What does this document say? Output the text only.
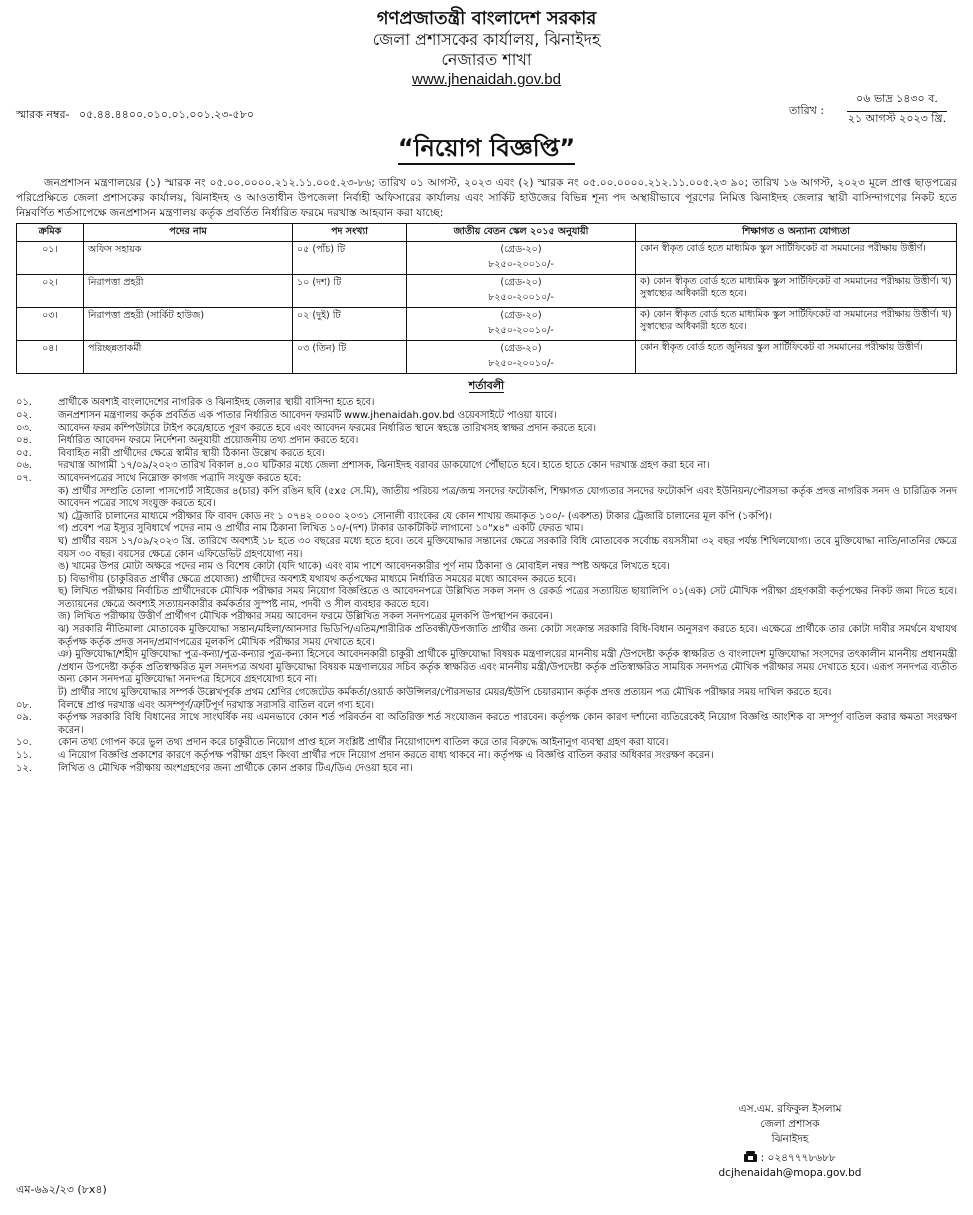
গণপ্রজাতন্ত্রী বাংলাদেশ সরকার
জেলা প্রশাসকের কার্যালয়, ঝিনাইদহ
নেজারত শাখা
www.jhenaidah.gov.bd
স্মারক নম্বর- ০৫.৪৪.৪৪০০.০১০.০১.০০১.২৩-৫৮০	তারিখ :
০৬ ভাদ্র ১৪৩০ ব.
২১ আগস্ট ২০২৩ খ্রি.
“নিয়োগ বিজ্ঞপ্তি”
জনপ্রশাসন মন্ত্রণালয়ের (১) স্মারক নং ০৫.০০.০০০০.২১২.১১.০০৫.২৩-৮৬; তারিখ ০১ আগস্ট, ২০২৩ এবং (২) স্মারক নং ০৫.০০.০০০০.২১২.১১.০০৫.২৩ ৯০; তারিখ ১৬ আগস্ট, ২০২৩ মূলে প্রাপ্ত ছাড়পত্রের পরিপ্রেক্ষিতে জেলা প্রশাসকের কার্যালয়, ঝিনাইদহ ও আওতাধীন উপজেলা নির্বাহী অফিসারের কার্যালয় এবং সার্কিট হাউজের বিভিন্ন শূন্য পদ অস্থায়ীভাবে পূরণের নিমিত্ত ঝিনাইদহ জেলার স্থায়ী বাসিন্দাগণের নিকট হতে নিম্নবর্ণিত শর্তসাপেক্ষে জনপ্রশাসন মন্ত্রণালয় কর্তৃক প্রবর্তিত নির্ধারিত ফরমে দরখাস্ত আহবান করা যাচ্ছে:
ক্রমিক	পদের নাম	পদ সংখ্যা	জাতীয় বেতন স্কেল ২০১৫ অনুযায়ী	শিক্ষাগত ও অন্যান্য যোগ্যতা
০১।	অফিস সহায়ক	০৫ (পাঁচ) টি	(গ্রেড-২০)
৮২৫০-২০০১০/-	কোন স্বীকৃত বোর্ড হতে মাধ্যমিক স্কুল সার্টিফিকেট বা সমমানের পরীক্ষায় উত্তীর্ণ।
০২।	নিরাপত্তা প্রহরী	১০ (দশ) টি	(গ্রেড-২০)
৮২৫০-২০০১০/-	ক) কোন স্বীকৃত বোর্ড হতে মাধ্যমিক স্কুল সার্টিফিকেট বা সমমানের পরীক্ষায় উত্তীর্ণ। খ) সুস্বাস্থ্যের অধিকারী হতে হবে।
০৩।	নিরাপত্তা প্রহরী (সার্কিট হাউজ)	০২ (দুই) টি	(গ্রেড-২০)
৮২৫০-২০০১০/-	ক) কোন স্বীকৃত বোর্ড হতে মাধ্যমিক স্কুল সার্টিফিকেট বা সমমানের পরীক্ষায় উত্তীর্ণ। খ) সুস্বাস্থ্যের অধিকারী হতে হবে।
০৪।	পরিচ্ছন্নতাকর্মী	০৩ (তিন) টি	(গ্রেড-২০)
৮২৫০-২০০১০/-	কোন স্বীকৃত বোর্ড হতে জুনিয়র স্কুল সার্টিফিকেট বা সমমানের পরীক্ষায় উত্তীর্ণ।
শর্তাবলী
০১.	প্রার্থীকে অবশ্যই বাংলাদেশের নাগরিক ও ঝিনাইদহ জেলার স্থায়ী বাসিন্দা হতে হবে।
০২.	জনপ্রশাসন মন্ত্রণালয় কর্তৃক প্রবর্তিত এক পাতার নির্ধারিত আবেদন ফরমটি www.jhenaidah.gov.bd ওয়েবসাইটে পাওয়া যাবে।
০৩.	আবেদন ফরম কম্পিউটারে টাইপ করে/হাতে পূরণ করতে হবে এবং আবেদন ফরমের নির্ধারিত স্থানে স্বহস্তে তারিখসহ স্বাক্ষর প্রদান করতে হবে।
০৪.	নির্ধারিত আবেদন ফরমে নির্দেশনা অনুযায়ী প্রয়োজনীয় তথ্য প্রদান করতে হবে।
০৫.	বিবাহিত নারী প্রার্থীদের ক্ষেত্রে স্বামীর স্থায়ী ঠিকানা উল্লেখ করতে হবে।
০৬.	দরখাস্ত আগামী ১৭/০৯/২০২৩ তারিখ বিকাল ৪.০০ ঘটিকার মধ্যে জেলা প্রশাসক, ঝিনাইদহ বরাবর ডাকযোগে পৌঁছাতে হবে। হাতে হাতে কোন দরখাস্ত গ্রহণ করা হবে না।
০৭.	আবেদনপত্রের সাথে নিম্নোক্ত কাগজ পত্রাদি সংযুক্ত করতে হবে:
ক) প্রার্থীর সম্প্রতি তোলা পাসপোর্ট সাইজের ৪(চার) কপি রঙিন ছবি (৫x৫ সে.মি), জাতীয় পরিচয় পত্র/জন্ম সনদের ফটোকপি, শিক্ষাগত যোগ্যতার সনদের ফটোকপি এবং ইউনিয়ন/পৌরসভা কর্তৃক প্রদত্ত নাগরিক সনদ ও চারিত্রিক সনদ আবেদন পত্রের সাথে সংযুক্ত করতে হবে।
খ) ট্রেজারি চালানের মাধ্যমে পরীক্ষার ফি বাবদ কোড নং ১ ০৭৪২ ০০০০ ২০৩১ সোনালী ব্যাংকের যে কোন শাখায় জমাকৃত ১০০/- (একশত) টাকার ট্রেজারি চালানের মূল কপি (১কপি)।
গ) প্রবেশ পত্র ইস্যুর সুবিধার্থে পদের নাম ও প্রার্থীর নাম ঠিকানা লিখিত ১০/-(দশ) টাকার ডাকটিকিট লাগানো ১০"x৪" একটি ফেরত খাম।
ঘ) প্রার্থীর বয়স ১৭/০৯/২০২৩ খ্রি. তারিখে অবশ্যই ১৮ হতে ৩০ বছরের মধ্যে হতে হবে। তবে মুক্তিযোদ্ধার সন্তানের ক্ষেত্রে সরকারি বিধি মোতাবেক সর্বোচ্চ বয়সসীমা ৩২ বছর পর্যন্ত শিথিলযোগ্য। তবে মুক্তিযোদ্ধা নাতি/নাতনির ক্ষেত্রে বয়স ৩০ বছর। বয়সের ক্ষেত্রে কোন এফিডেভিট গ্রহণযোগ্য নয়।
ঙ) খামের উপর মোটা অক্ষরে পদের নাম ও বিশেষ কোটা (যদি থাকে) এবং বাম পাশে আবেদনকারীর পূর্ণ নাম ঠিকানা ও মোবাইল নম্বর স্পষ্ট অক্ষরে লিখতে হবে।
চ) বিভাগীয় (চাকুরিরত প্রার্থীর ক্ষেত্রে প্রযোজ্য) প্রার্থীদের অবশ্যই যথাযথ কর্তৃপক্ষের মাধ্যমে নির্ধারিত সময়ের মধ্যে আবেদন করতে হবে।
ছ) লিখিত পরীক্ষায় নির্বাচিত প্রার্থীদেরকে মৌখিক পরীক্ষার সময় নিয়োগ বিজ্ঞপ্তিতে ও আবেদনপত্রে উল্লিখিত সকল সনদ ও রেকর্ড পত্রের সত্যায়িত ছায়ালিপি ০১(এক) সেট মৌখিক পরীক্ষা গ্রহণকারী কর্তৃপক্ষের নিকট জমা দিতে হবে। সত্যায়নের ক্ষেত্রে অবশ্যই সত্যায়নকারীর কর্মকর্তার সুস্পষ্ট নাম, পদবী ও সীল ব্যবহার করতে হবে।
জ) লিখিত পরীক্ষায় উত্তীর্ণ প্রার্থীগণ মৌখিক পরীক্ষার সময় আবেদন ফরমে উল্লিখিত সকল সনদপত্রের মূলকপি উপস্থাপন করবেন।
ঝ) সরকারি নীতিমালা মোতাবেক মুক্তিযোদ্ধা সন্তান/মহিলা/আনসার ভিডিপি/এতিম/শারীরিক প্রতিবন্ধী/উপজাতি প্রার্থীর জন্য কোটা সংক্রান্ত সরকারি বিধি-বিধান অনুসরণ করতে হবে। এক্ষেত্রে প্রার্থীকে তার কোটা দাবীর সমর্থনে যথাযথ কর্তৃপক্ষ কর্তৃক প্রদত্ত সনদ/প্রমাণপত্রের মূলকপি মৌখিক পরীক্ষার সময় দেখাতে হবে।
ঞ) মুক্তিযোদ্ধা/শহীদ মুক্তিযোদ্ধা পুত্র-কন্যা/পুত্র-কন্যার পুত্র-কন্যা হিসেবে আবেদনকারী চাকুরী প্রার্থীকে মুক্তিযোদ্ধা বিষয়ক মন্ত্রণালয়ের মাননীয় মন্ত্রী /উপদেষ্টা কর্তৃক স্বাক্ষরিত ও বাংলাদেশ মুক্তিযোদ্ধা সংসদের তৎকালীন মাননীয় প্রধানমন্ত্রী /প্রধান উপদেষ্টা কর্তৃক প্রতিস্বাক্ষরিত মূল সনদপত্র অথবা মুক্তিযোদ্ধা বিষয়ক মন্ত্রণালয়ের সচিব কর্তৃক স্বাক্ষরিত এবং মাননীয় মন্ত্রী/উপদেষ্টা কর্তৃক প্রতিস্বাক্ষরিত সাময়িক সনদপত্র মৌখিক পরীক্ষার সময় দেখাতে হবে। এরূপ সনদপত্র ব্যতীত অন্য কোন সনদপত্র মুক্তিযোদ্ধা সনদপত্র হিসেবে গ্রহণযোগ্য হবে না।
ট) প্রার্থীর সাথে মুক্তিযোদ্ধার সম্পর্ক উল্লেখপূর্বক প্রথম শ্রেণির গেজেটেড কর্মকর্তা/ওয়ার্ড কাউন্সিলর/পৌরসভার মেয়র/ইউপি চেয়ারম্যান কর্তৃক প্রদত্ত প্রত্যয়ন পত্র মৌখিক পরীক্ষার সময় দাখিল করতে হবে।
০৮.	বিলম্বে প্রাপ্ত দরখাস্ত এবং অসম্পূর্ণ/ত্রুটিপূর্ণ দরখাস্ত সরাসরি বাতিল বলে গণ্য হবে।
০৯.	কর্তৃপক্ষ সরকারি বিধি বিধানের সাথে সাংঘর্ষিক নয় এমনভাবে কোন শর্ত পরিবর্তন বা অতিরিক্ত শর্ত সংযোজন করতে পারবেন। কর্তৃপক্ষ কোন কারণ দর্শানো ব্যতিরেকেই নিয়োগ বিজ্ঞপ্তি আংশিক বা সম্পূর্ণ বাতিল করার ক্ষমতা সংরক্ষণ করেন।
১০.	কোন তথ্য গোপন করে ভুল তথ্য প্রদান করে চাকুরীতে নিয়োগ প্রাপ্ত হলে সংশ্লিষ্ট প্রার্থীর নিয়োগাদেশ বাতিল করে তার বিরুদ্ধে আইনানুগ ব্যবস্থা গ্রহণ করা যাবে।
১১.	এ নিয়োগ বিজ্ঞপ্তি প্রকাশের কারণে কর্তৃপক্ষ পরীক্ষা গ্রহণ কিংবা প্রার্থীর পদে নিয়োগ প্রদান করতে বাধ্য থাকবে না। কর্তৃপক্ষ এ বিজ্ঞপ্তি বাতিল করার অধিকার সংরক্ষণ করেন।
১২.	লিখিত ও মৌখিক পরীক্ষায় অংশগ্রহণের জন্য প্রার্থীকে কোন প্রকার টিএ/ডিএ দেওয়া হবে না।
এস.এম. রফিকুল ইসলাম
জেলা প্রশাসক
ঝিনাইদহ
: ০২৪৭৭৭৮৬৮৮
dcjhenaidah@mopa.gov.bd
এম-৬৯২/২৩ (৮x৪)
